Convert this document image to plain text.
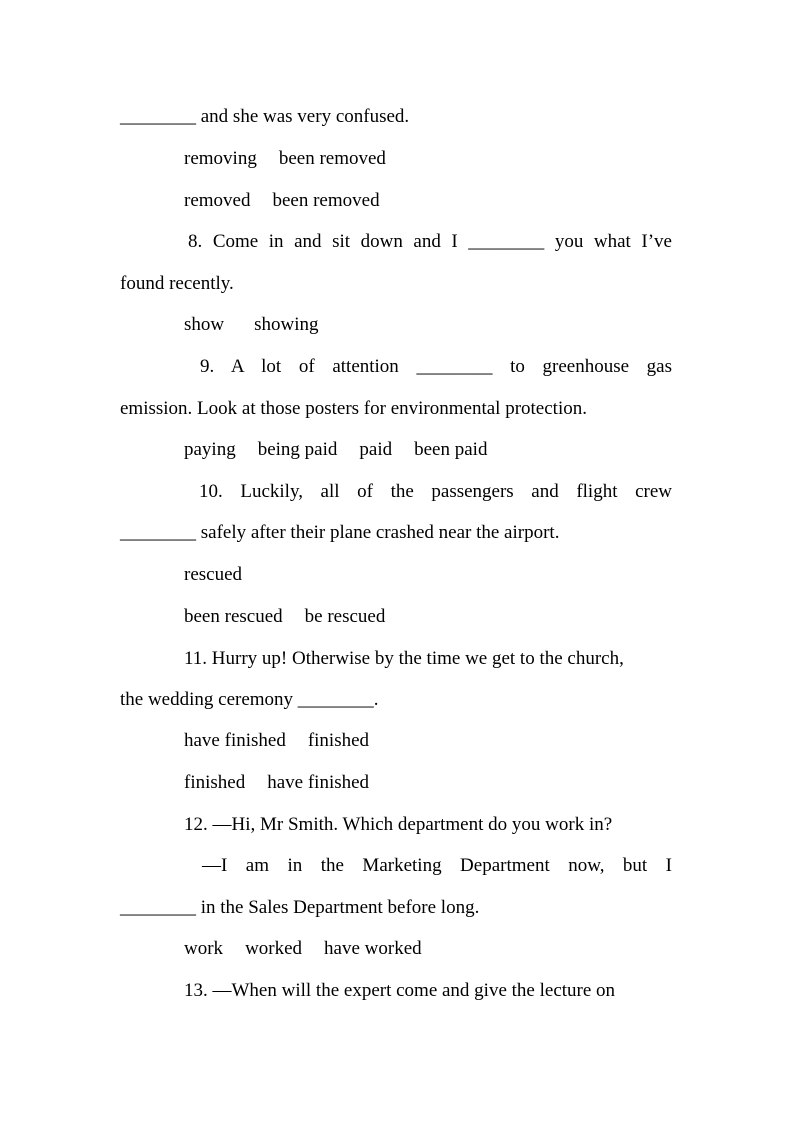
________ and she was very confused.
removing been removed
removed been removed
8. Come in and sit down and I ________ you what I’ve
found recently.
show showing
9. A lot of attention ________ to greenhouse gas
emission. Look at those posters for environmental protection.
paying being paid paid been paid
10. Luckily, all of the passengers and flight crew
________ safely after their plane crashed near the airport.
rescued
been rescued be rescued
11. Hurry up! Otherwise by the time we get to the church,
the wedding ceremony ________.
have finished finished
finished have finished
12. —Hi, Mr Smith. Which department do you work in?
—I am in the Marketing Department now, but I
________ in the Sales Department before long.
work worked have worked
13. —When will the expert come and give the lecture on
